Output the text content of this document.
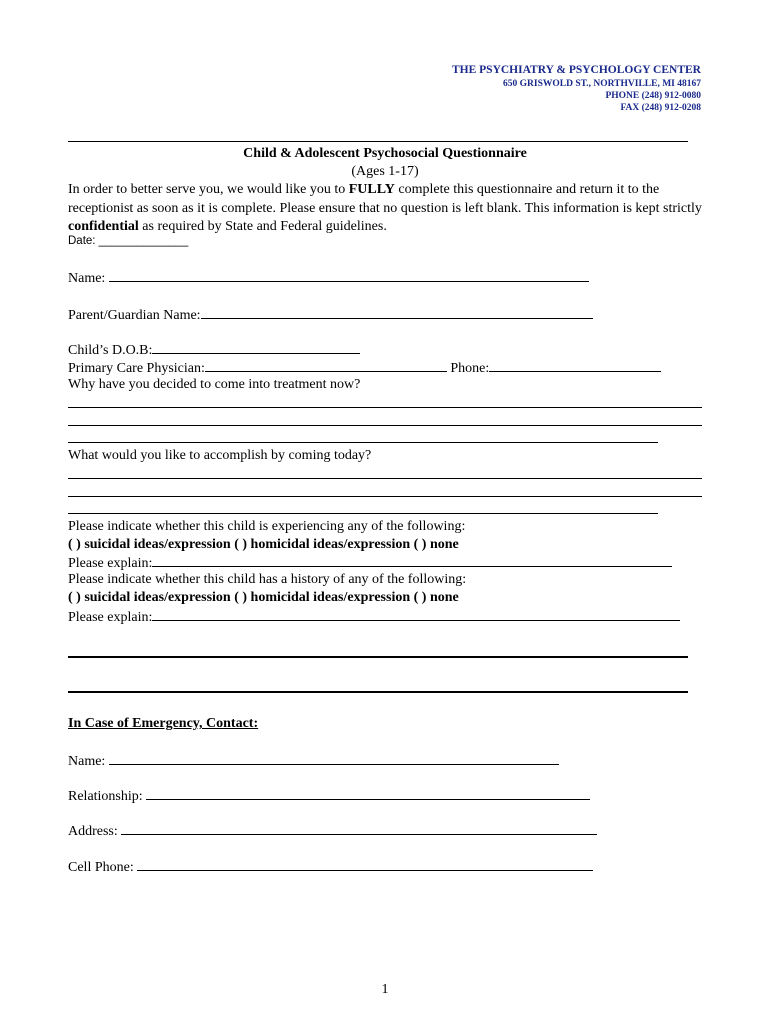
THE PSYCHIATRY & PSYCHOLOGY CENTER
650 GRISWOLD ST., NORTHVILLE, MI 48167
PHONE (248) 912-0080
FAX (248) 912-0208
Child & Adolescent Psychosocial Questionnaire
(Ages 1-17)
In order to better serve you, we would like you to FULLY complete this questionnaire and return it to the receptionist as soon as it is complete. Please ensure that no question is left blank. This information is kept strictly confidential as required by State and Federal guidelines.
Date: ______________
Name:
Parent/Guardian Name:
Child’s D.O.B:
Primary Care Physician:	Phone:
Why have you decided to come into treatment now?
What would you like to accomplish by coming today?
Please indicate whether this child is experiencing any of the following:
( ) suicidal ideas/expression ( ) homicidal ideas/expression ( ) none
Please explain:
Please indicate whether this child has a history of any of the following:
( ) suicidal ideas/expression ( ) homicidal ideas/expression ( ) none
Please explain:
In Case of Emergency, Contact:
Name:
Relationship:
Address:
Cell Phone:
1
